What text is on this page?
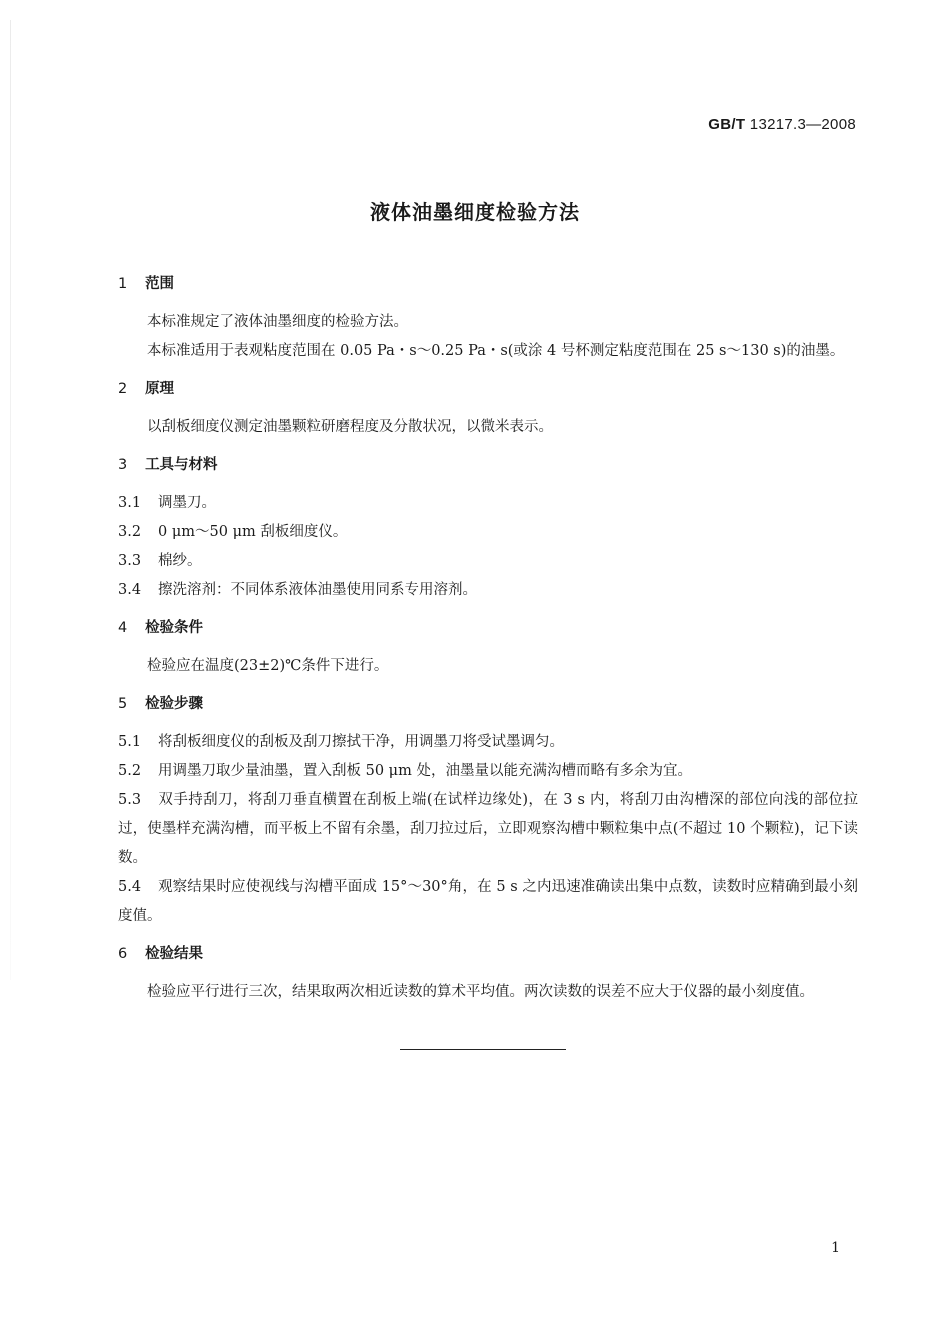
GB/T 13217.3—2008
液体油墨细度检验方法
1 范围

本标准规定了液体油墨细度的检验方法。

本标准适用于表观粘度范围在 0.05 Pa・s～0.25 Pa・s(或涂 4 号杯测定粘度范围在 25 s～130 s)的油墨。

2 原理

以刮板细度仪测定油墨颗粒研磨程度及分散状况，以微米表示。

3 工具与材料

3.1 调墨刀。

3.2 0 μm～50 μm 刮板细度仪。

3.3 棉纱。

3.4 擦洗溶剂：不同体系液体油墨使用同系专用溶剂。

4 检验条件

检验应在温度(23±2)℃条件下进行。

5 检验步骤

5.1 将刮板细度仪的刮板及刮刀擦拭干净，用调墨刀将受试墨调匀。

5.2 用调墨刀取少量油墨，置入刮板 50 μm 处，油墨量以能充满沟槽而略有多余为宜。

5.3 双手持刮刀，将刮刀垂直横置在刮板上端(在试样边缘处)，在 3 s 内，将刮刀由沟槽深的部位向浅的部位拉过，使墨样充满沟槽，而平板上不留有余墨，刮刀拉过后，立即观察沟槽中颗粒集中点(不超过 10 个颗粒)，记下读数。

5.4 观察结果时应使视线与沟槽平面成 15°～30°角，在 5 s 之内迅速准确读出集中点数，读数时应精确到最小刻度值。

6 检验结果

检验应平行进行三次，结果取两次相近读数的算术平均值。两次读数的误差不应大于仪器的最小刻度值。

1
